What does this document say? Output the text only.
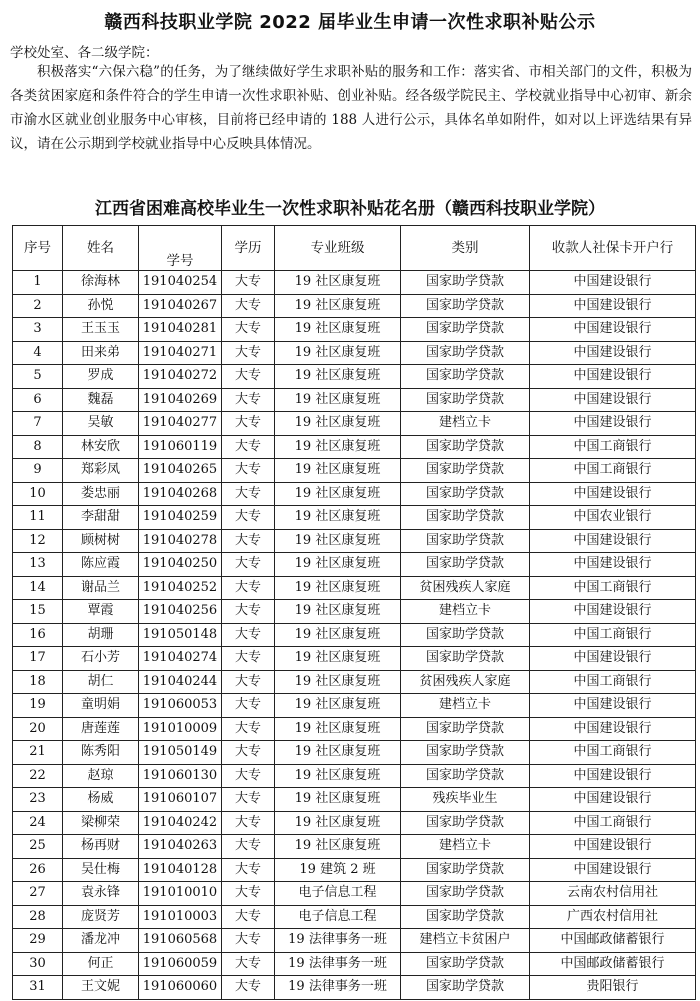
赣西科技职业学院 2022 届毕业生申请一次性求职补贴公示
学校处室、各二级学院：
积极落实“六保六稳”的任务，为了继续做好学生求职补贴的服务和工作：落实省、市相关部门的文件，积极为各类贫困家庭和条件符合的学生申请一次性求职补贴、创业补贴。经各级学院民主、学校就业指导中心初审、新余市渝水区就业创业服务中心审核，目前将已经申请的 188 人进行公示，具体名单如附件，如对以上评选结果有异议，请在公示期到学校就业指导中心反映具体情况。
江西省困难高校毕业生一次性求职补贴花名册（赣西科技职业学院）
序号	姓名	学号	学历	专业班级	类别	收款人社保卡开户行
1	徐海林	191040254	大专	19 社区康复班	国家助学贷款	中国建设银行
2	孙悦	191040267	大专	19 社区康复班	国家助学贷款	中国建设银行
3	王玉玉	191040281	大专	19 社区康复班	国家助学贷款	中国建设银行
4	田来弟	191040271	大专	19 社区康复班	国家助学贷款	中国建设银行
5	罗成	191040272	大专	19 社区康复班	国家助学贷款	中国建设银行
6	魏磊	191040269	大专	19 社区康复班	国家助学贷款	中国建设银行
7	吴敏	191040277	大专	19 社区康复班	建档立卡	中国建设银行
8	林安欣	191060119	大专	19 社区康复班	国家助学贷款	中国工商银行
9	郑彩凤	191040265	大专	19 社区康复班	国家助学贷款	中国工商银行
10	娄忠丽	191040268	大专	19 社区康复班	国家助学贷款	中国建设银行
11	李甜甜	191040259	大专	19 社区康复班	国家助学贷款	中国农业银行
12	顾树树	191040278	大专	19 社区康复班	国家助学贷款	中国建设银行
13	陈应霞	191040250	大专	19 社区康复班	国家助学贷款	中国建设银行
14	谢品兰	191040252	大专	19 社区康复班	贫困残疾人家庭	中国工商银行
15	覃霞	191040256	大专	19 社区康复班	建档立卡	中国建设银行
16	胡珊	191050148	大专	19 社区康复班	国家助学贷款	中国工商银行
17	石小芳	191040274	大专	19 社区康复班	国家助学贷款	中国建设银行
18	胡仁	191040244	大专	19 社区康复班	贫困残疾人家庭	中国工商银行
19	童明娟	191060053	大专	19 社区康复班	建档立卡	中国建设银行
20	唐莲莲	191010009	大专	19 社区康复班	国家助学贷款	中国建设银行
21	陈秀阳	191050149	大专	19 社区康复班	国家助学贷款	中国工商银行
22	赵琼	191060130	大专	19 社区康复班	国家助学贷款	中国建设银行
23	杨威	191060107	大专	19 社区康复班	残疾毕业生	中国建设银行
24	梁柳荣	191040242	大专	19 社区康复班	国家助学贷款	中国工商银行
25	杨再财	191040263	大专	19 社区康复班	建档立卡	中国建设银行
26	吴仕梅	191040128	大专	19 建筑 2 班	国家助学贷款	中国建设银行
27	袁永锋	191010010	大专	电子信息工程	国家助学贷款	云南农村信用社
28	庞贤芳	191010003	大专	电子信息工程	国家助学贷款	广西农村信用社
29	潘龙冲	191060568	大专	19 法律事务一班	建档立卡贫困户	中国邮政储蓄银行
30	何正	191060059	大专	19 法律事务一班	国家助学贷款	中国邮政储蓄银行
31	王文妮	191060060	大专	19 法律事务一班	国家助学贷款	贵阳银行
